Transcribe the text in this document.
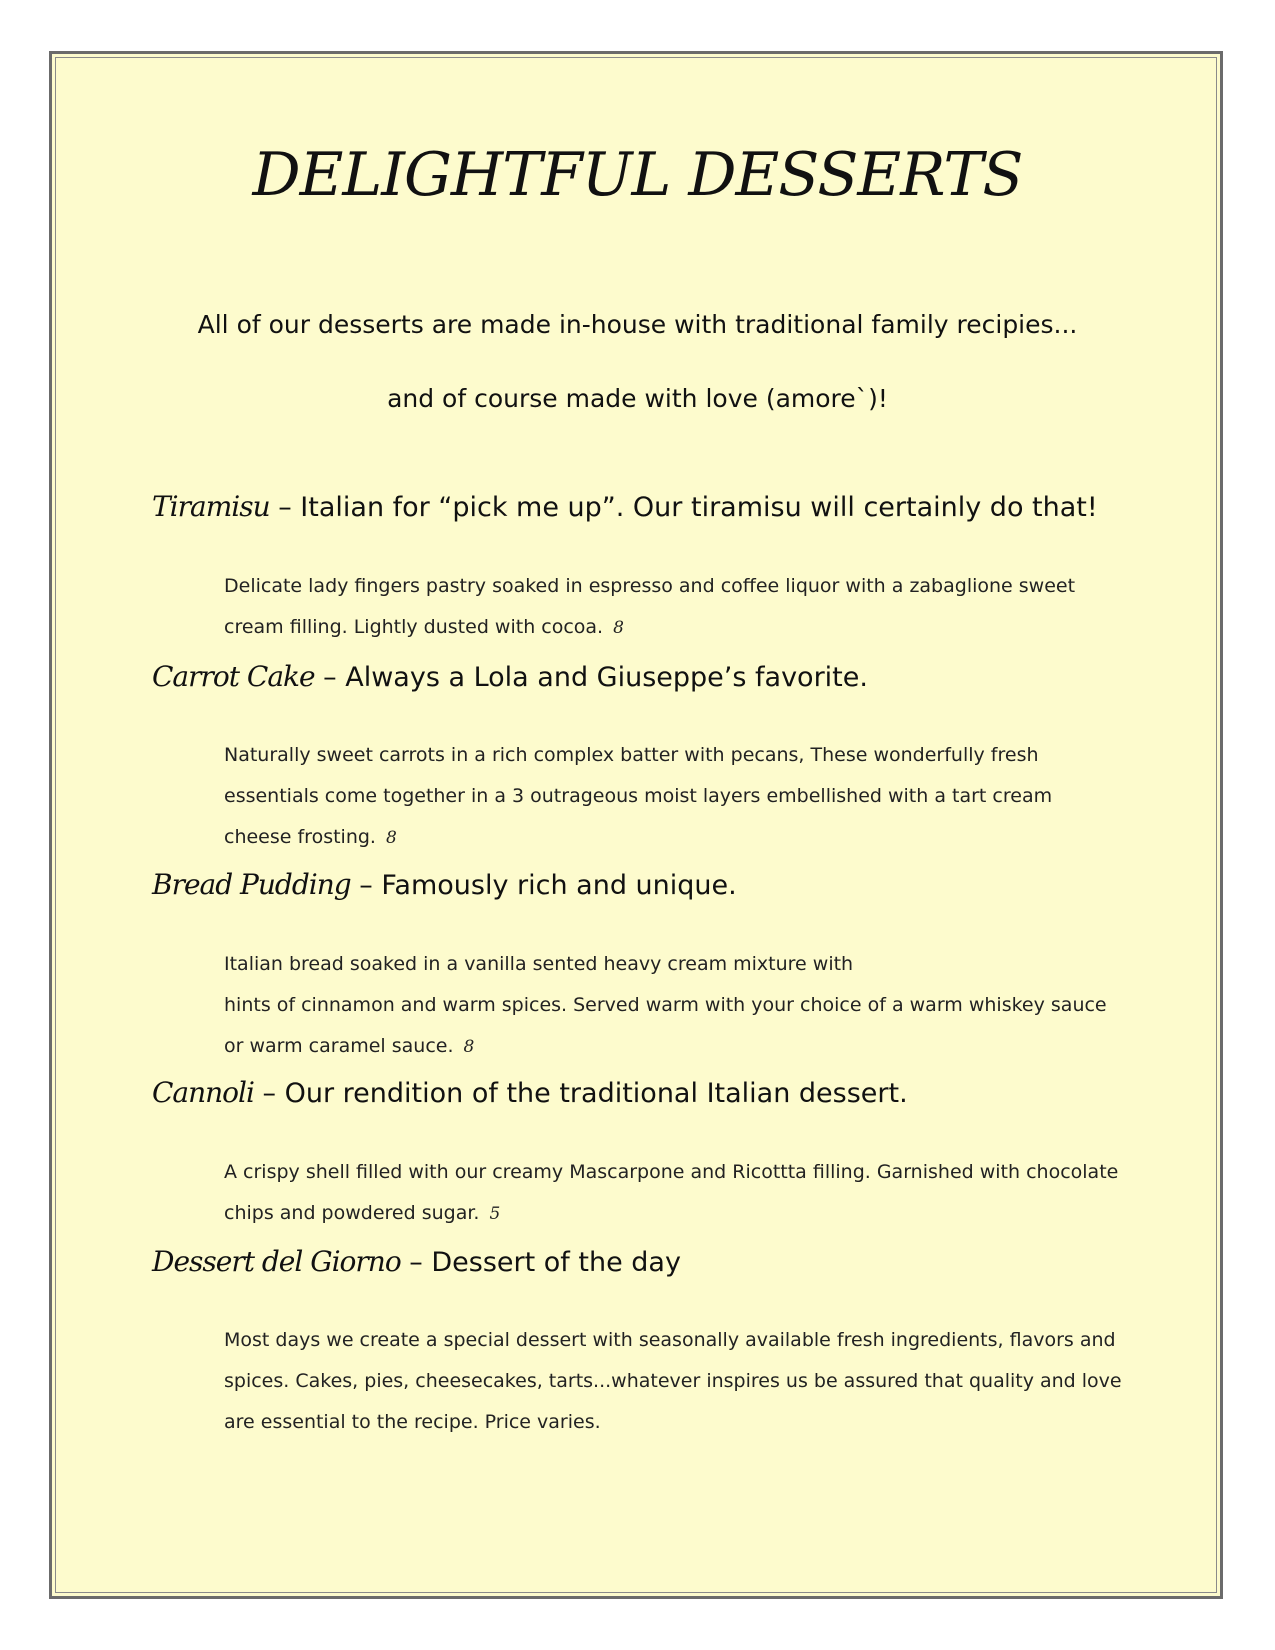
DELIGHTFUL DESSERTS

All of our desserts are made in-house with traditional family recipies...

and of course made with love (amore`)!

Tiramisu – Italian for “pick me up”. Our tiramisu will certainly do that!

Delicate lady fingers pastry soaked in espresso and coffee liquor with a zabaglione sweet cream filling. Lightly dusted with cocoa. 8

Carrot Cake – Always a Lola and Giuseppe’s favorite.

Naturally sweet carrots in a rich complex batter with pecans, These wonderfully fresh essentials come together in a 3 outrageous moist layers embellished with a tart cream cheese frosting. 8

Bread Pudding – Famously rich and unique.

Italian bread soaked in a vanilla sented heavy cream mixture with
hints of cinnamon and warm spices. Served warm with your choice of a warm whiskey sauce or warm caramel sauce. 8

Cannoli – Our rendition of the traditional Italian dessert.

A crispy shell filled with our creamy Mascarpone and Ricottta filling. Garnished with chocolate chips and powdered sugar. 5

Dessert del Giorno – Dessert of the day

Most days we create a special dessert with seasonally available fresh ingredients, flavors and spices. Cakes, pies, cheesecakes, tarts...whatever inspires us be assured that quality and love are essential to the recipe. Price varies.
